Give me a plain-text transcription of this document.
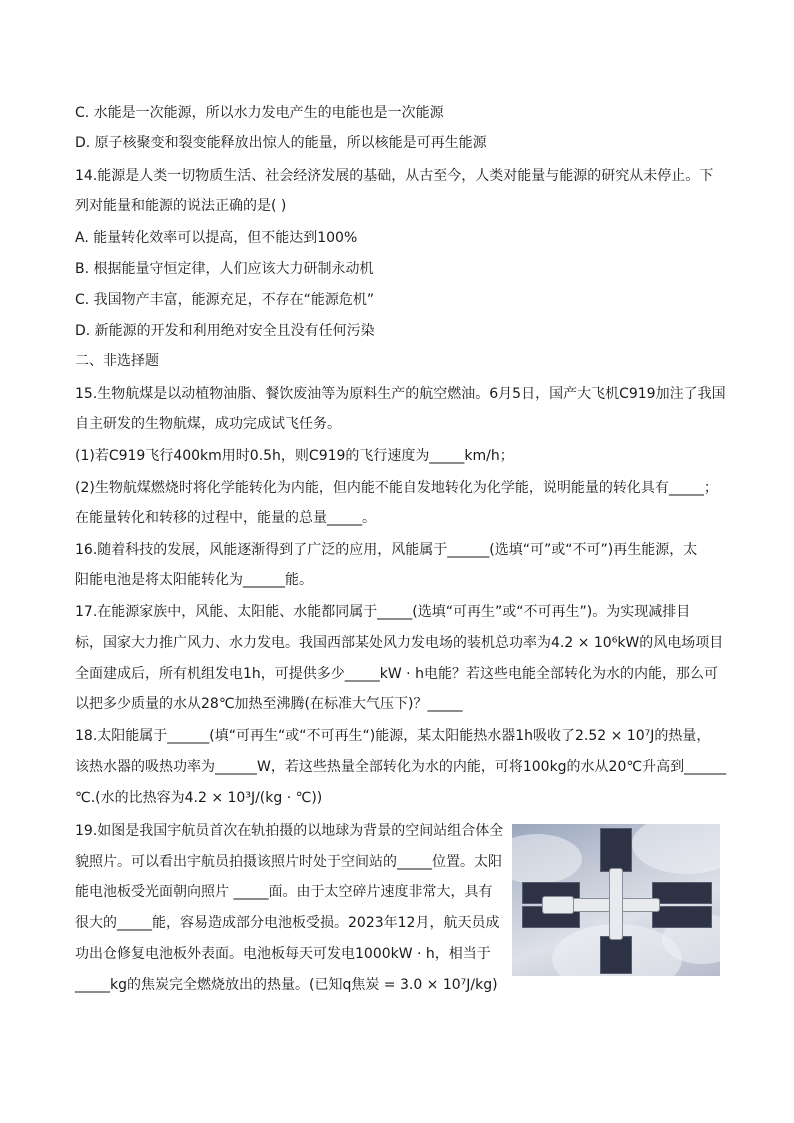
C. 水能是一次能源，所以水力发电产生的电能也是一次能源
D. 原子核聚变和裂变能释放出惊人的能量，所以核能是可再生能源
14.能源是人类一切物质生活、社会经济发展的基础，从古至今，人类对能量与能源的研究从未停止。下
列对能量和能源的说法正确的是( )
A. 能量转化效率可以提高，但不能达到100%
B. 根据能量守恒定律，人们应该大力研制永动机
C. 我国物产丰富，能源充足，不存在“能源危机”
D. 新能源的开发和利用绝对安全且没有任何污染
二、非选择题
15.生物航煤是以动植物油脂、餐饮废油等为原料生产的航空燃油。6月5日，国产大飞机C919加注了我国
自主研发的生物航煤，成功完成试飞任务。
(1)若C919飞行400km用时0.5h，则C919的飞行速度为_____km/h；
(2)生物航煤燃烧时将化学能转化为内能，但内能不能自发地转化为化学能，说明能量的转化具有_____；
在能量转化和转移的过程中，能量的总量_____。
16.随着科技的发展，风能逐渐得到了广泛的应用，风能属于______(选填“可”或“不可”)再生能源，太
阳能电池是将太阳能转化为______能。
17.在能源家族中，风能、太阳能、水能都同属于_____(选填“可再生”或“不可再生”)。为实现减排目
标，国家大力推广风力、水力发电。我国西部某处风力发电场的装机总功率为4.2 × 10⁶kW的风电场项目
全面建成后，所有机组发电1h，可提供多少_____kW · h电能？若这些电能全部转化为水的内能，那么可
以把多少质量的水从28℃加热至沸腾(在标准大气压下)？_____
18.太阳能属于______(填“可再生“或“不可再生“)能源，某太阳能热水器1h吸收了2.52 × 10⁷J的热量，
该热水器的吸热功率为______W，若这些热量全部转化为水的内能，可将100kg的水从20℃升高到______
℃.(水的比热容为4.2 × 10³J/(kg · ℃))
19.如图是我国宇航员首次在轨拍摄的以地球为背景的空间站组合体全
貌照片。可以看出宇航员拍摄该照片时处于空间站的_____位置。太阳
能电池板受光面朝向照片 _____面。由于太空碎片速度非常大，具有
很大的_____能，容易造成部分电池板受损。2023年12月，航天员成
功出仓修复电池板外表面。电池板每天可发电1000kW · h，相当于
_____kg的焦炭完全燃烧放出的热量。(已知q焦炭 = 3.0 × 10⁷J/kg)
